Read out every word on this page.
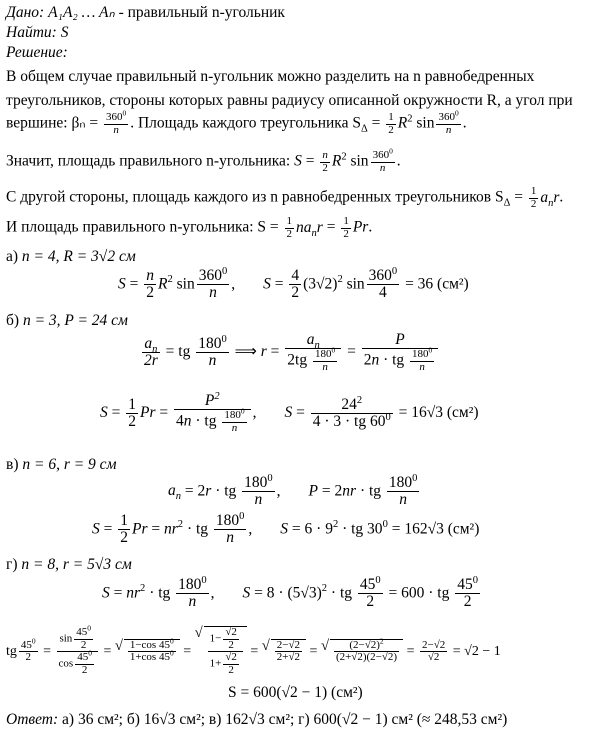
Дано: A₁A₂ … Aₙ - правильный n-угольник
Найти: S
Решение:
В общем случае правильный n-угольник можно разделить на n равнобедренных
треугольников, стороны которых равны радиусу описанной окружности R, а угол при
вершине: $\beta_n = \frac{360^0}{n}$ . Площадь каждого треугольника $S_\Delta = \frac{1}{2} R^2$ $\sin \frac{360^0}{n}$ .
Значит, площадь правильного n-угольника: $S = \frac{n}{2} R^2$ $\sin \frac{360^0}{n}$ .
С другой стороны, площадь каждого из n равнобедренных треугольников $S_\Delta = \frac{1}{2} a_nr$.
И площадь правильного n-угольника: $S = \frac{1}{2} na_nr = \frac{1}{2} Pr$.
а) n = 4, R = 3√2 см
$S = \frac{n}{2} R^2$ $\sin \frac{360^0}{n}$ , $S = \frac{4}{2} (3√2)^2$ $\sin \frac{360^0}{4} = 36$ (см²)
б) n = 3, P = 24 см
$\frac{a_n}{2r}$ = tg $\frac{180^0}{n}$ ⟹ $r = \frac{a_n}{2tg \frac{180^0}{n}} = \frac{P}{2n \cdot tg \frac{180^0}{n}}$
$S = \frac{1}{2}$ $Pr = \frac{P^2}{4n \cdot tg \frac{180^0}{n}}$ , $S = \frac{24^2}{4 \cdot 3 \cdot tg 60^0} = 16√3$ (см²)
в) n = 6, r = 9 см
$a_n = 2r$ · tg $\frac{180^0}{n}$ , P = 2nr · tg $\frac{180^0}{n}$
$S = \frac{1}{2}$ $Pr = nr^2$ · tg $\frac{180^0}{n}$ , $S = 6 \cdot 9^2$ · tg $30^0 = 162√3$ (см²)
г) n = 8, r = 5√3 см
$S = nr^2$ · tg $\frac{180^0}{n}$ , $S = 8 \cdot (5√3)^2$ · tg $\frac{45^0}{2} = 600$ · tg $\frac{45^0}{2}$
tg $\frac{45^0}{2} = \frac{\sin \frac{45^0}{2}}{\cos \frac{45^0}{2}}$ = √ $\frac{1-\cos 45^0}{1+\cos 45^0}$ = √ $\frac{1- \frac{√2}{2}}{1+ \frac{√2}{2}}$ = √ $\frac{2-√2}{2+√2}$ = √ $\frac{(2-√2)^2}{(2+√2)(2-√2)} = \frac{2-√2}{√2} = √2 - 1$
S = 600(√2 − 1) (см²)
Ответ: а) 36 см²; б) 16√3 см²; в) 162√3 см²; г) 600(√2 − 1) см² (≈ 248,53 см²)
